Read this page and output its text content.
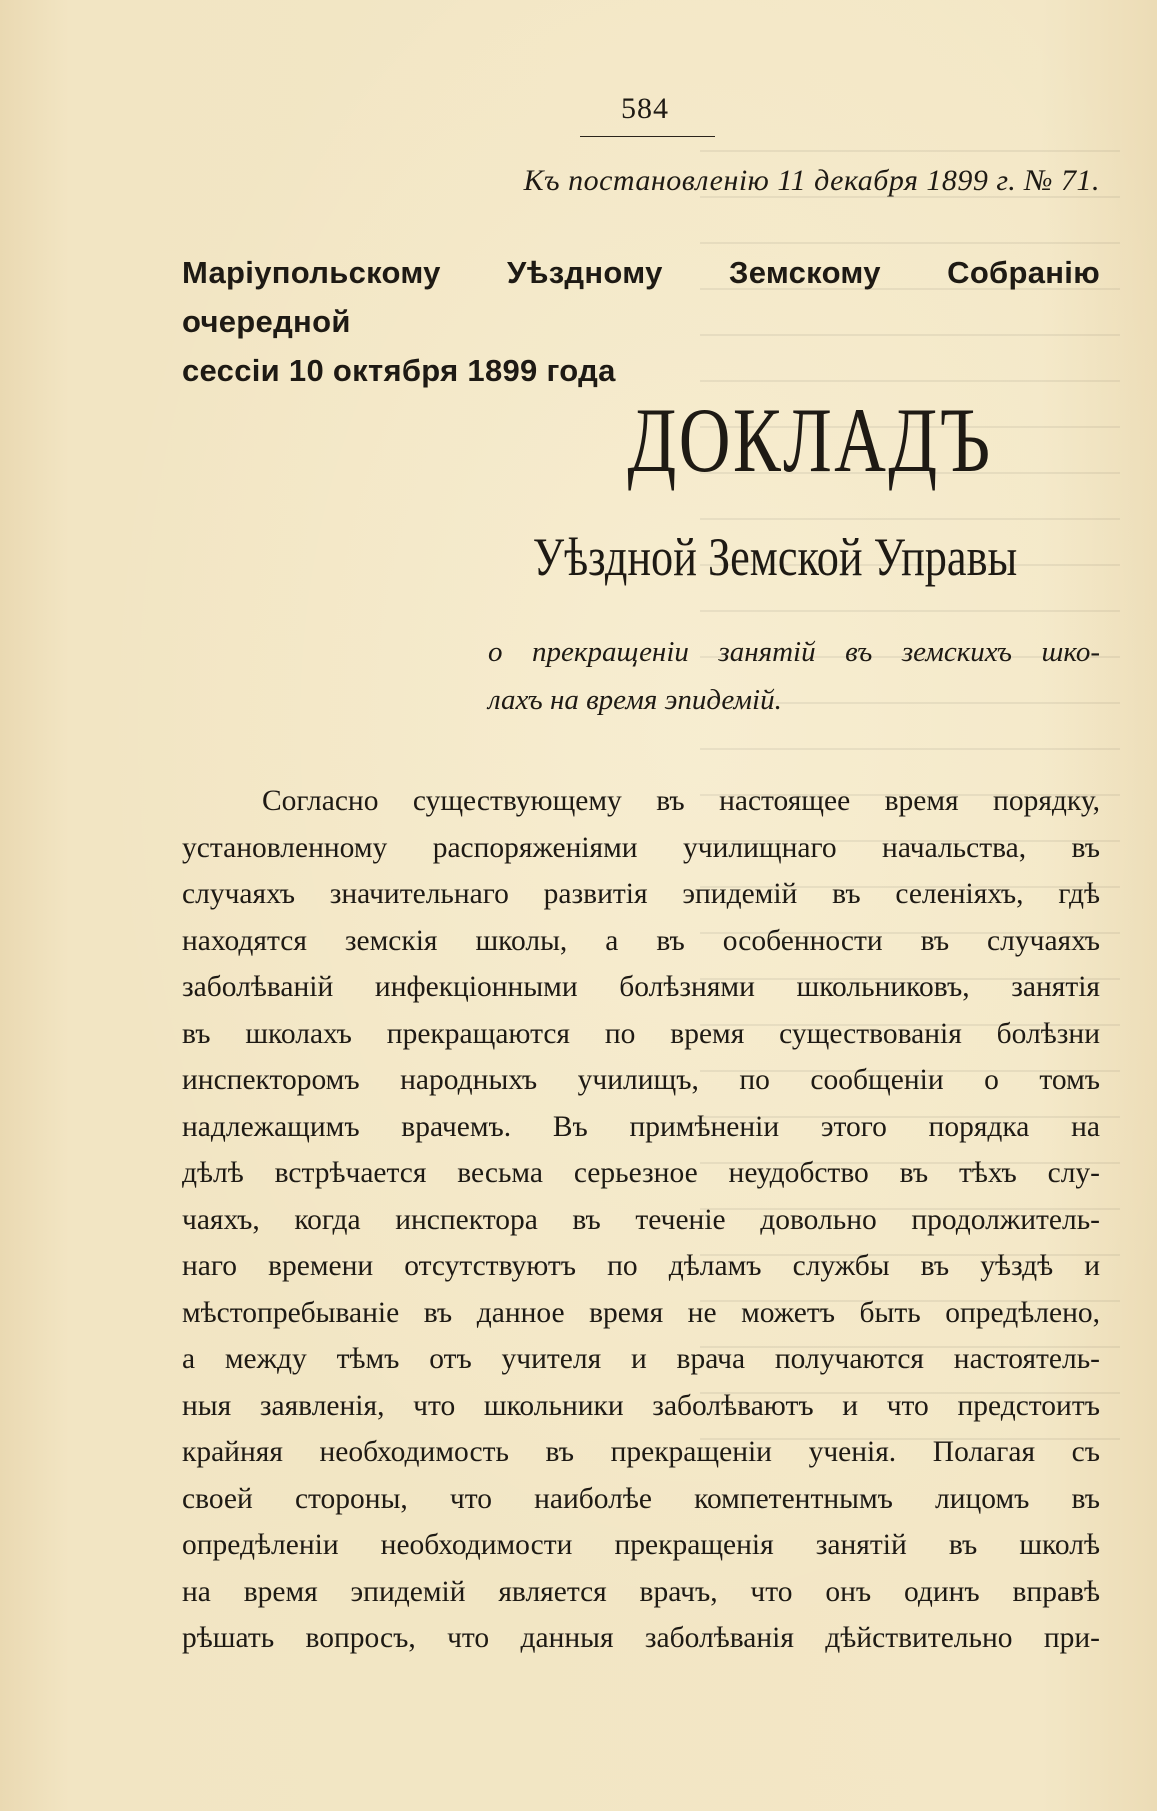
584
Къ постановленію 11 декабря 1899 г. № 71.
Маріупольскому Уѣздному Земскому Собранію очередной
сессіи 10 октября 1899 года
ДОКЛАДЪ
Уѣздной Земской Управы
о прекращеніи занятій въ земскихъ шко-
лахъ на время эпидемій.
Согласно существующему въ настоящее время порядку,
установленному распоряженіями училищнаго начальства, въ
случаяхъ значительнаго развитія эпидемій въ селеніяхъ, гдѣ
находятся земскія школы, а въ особенности въ случаяхъ
заболѣваній инфекціонными болѣзнями школьниковъ, занятія
въ школахъ прекращаются по время существованія болѣзни
инспекторомъ народныхъ училищъ, по сообщеніи о томъ
надлежащимъ врачемъ. Въ примѣненіи этого порядка на
дѣлѣ встрѣчается весьма серьезное неудобство въ тѣхъ слу-
чаяхъ, когда инспектора въ теченіе довольно продолжитель-
наго времени отсутствуютъ по дѣламъ службы въ уѣздѣ и
мѣстопребываніе въ данное время не можетъ быть опредѣлено,
а между тѣмъ отъ учителя и врача получаются настоятель-
ныя заявленія, что школьники заболѣваютъ и что предстоитъ
крайняя необходимость въ прекращеніи ученія. Полагая съ
своей стороны, что наиболѣе компетентнымъ лицомъ въ
опредѣленіи необходимости прекращенія занятій въ школѣ
на время эпидемій является врачъ, что онъ одинъ вправѣ
рѣшать вопросъ, что данныя заболѣванія дѣйствительно при-
